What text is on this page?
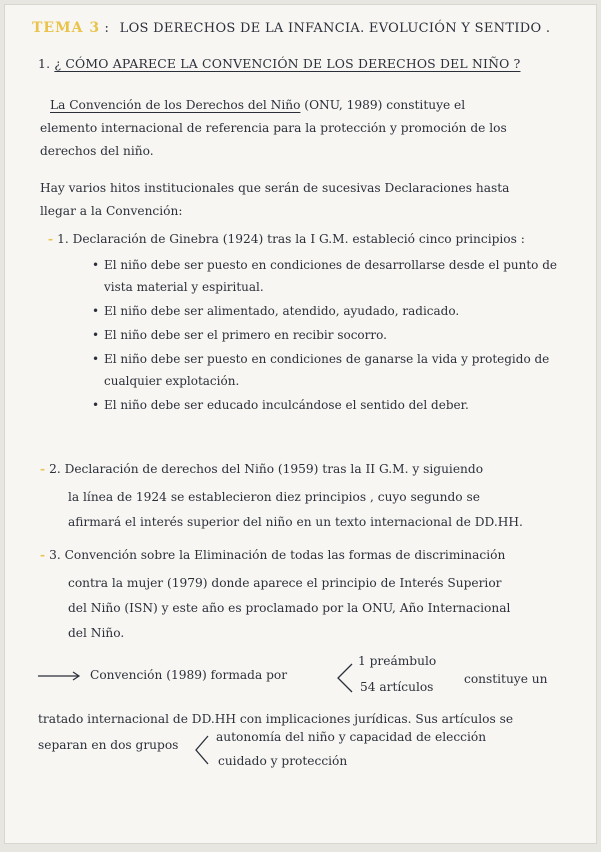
TEMA 3 : LOS DERECHOS DE LA INFANCIA. EVOLUCIÓN Y SENTIDO .
1. ¿ CÓMO APARECE LA CONVENCIÓN DE LOS DERECHOS DEL NIÑO ?
La Convención de los Derechos del Niño (ONU, 1989) constituye el
elemento internacional de referencia para la protección y promoción de los
derechos del niño.
Hay varios hitos institucionales que serán de sucesivas Declaraciones hasta
llegar a la Convención:
- 1. Declaración de Ginebra (1924) tras la I G.M. estableció cinco principios :
• El niño debe ser puesto en condiciones de desarrollarse desde el punto de vista material y espiritual.
• El niño debe ser alimentado, atendido, ayudado, radicado.
• El niño debe ser el primero en recibir socorro.
• El niño debe ser puesto en condiciones de ganarse la vida y protegido de cualquier explotación.
• El niño debe ser educado inculcándose el sentido del deber.
- 2. Declaración de derechos del Niño (1959) tras la II G.M. y siguiendo
la línea de 1924 se establecieron diez principios , cuyo segundo se
afirmará el interés superior del niño en un texto internacional de DD.HH.
- 3. Convención sobre la Eliminación de todas las formas de discriminación
contra la mujer (1979) donde aparece el principio de Interés Superior
del Niño (ISN) y este año es proclamado por la ONU, Año Internacional
del Niño.
Convención (1989) formada por
1 preámbulo
54 artículos
constituye un
tratado internacional de DD.HH con implicaciones jurídicas. Sus artículos se
separan en dos grupos
autonomía del niño y capacidad de elección
cuidado y protección
